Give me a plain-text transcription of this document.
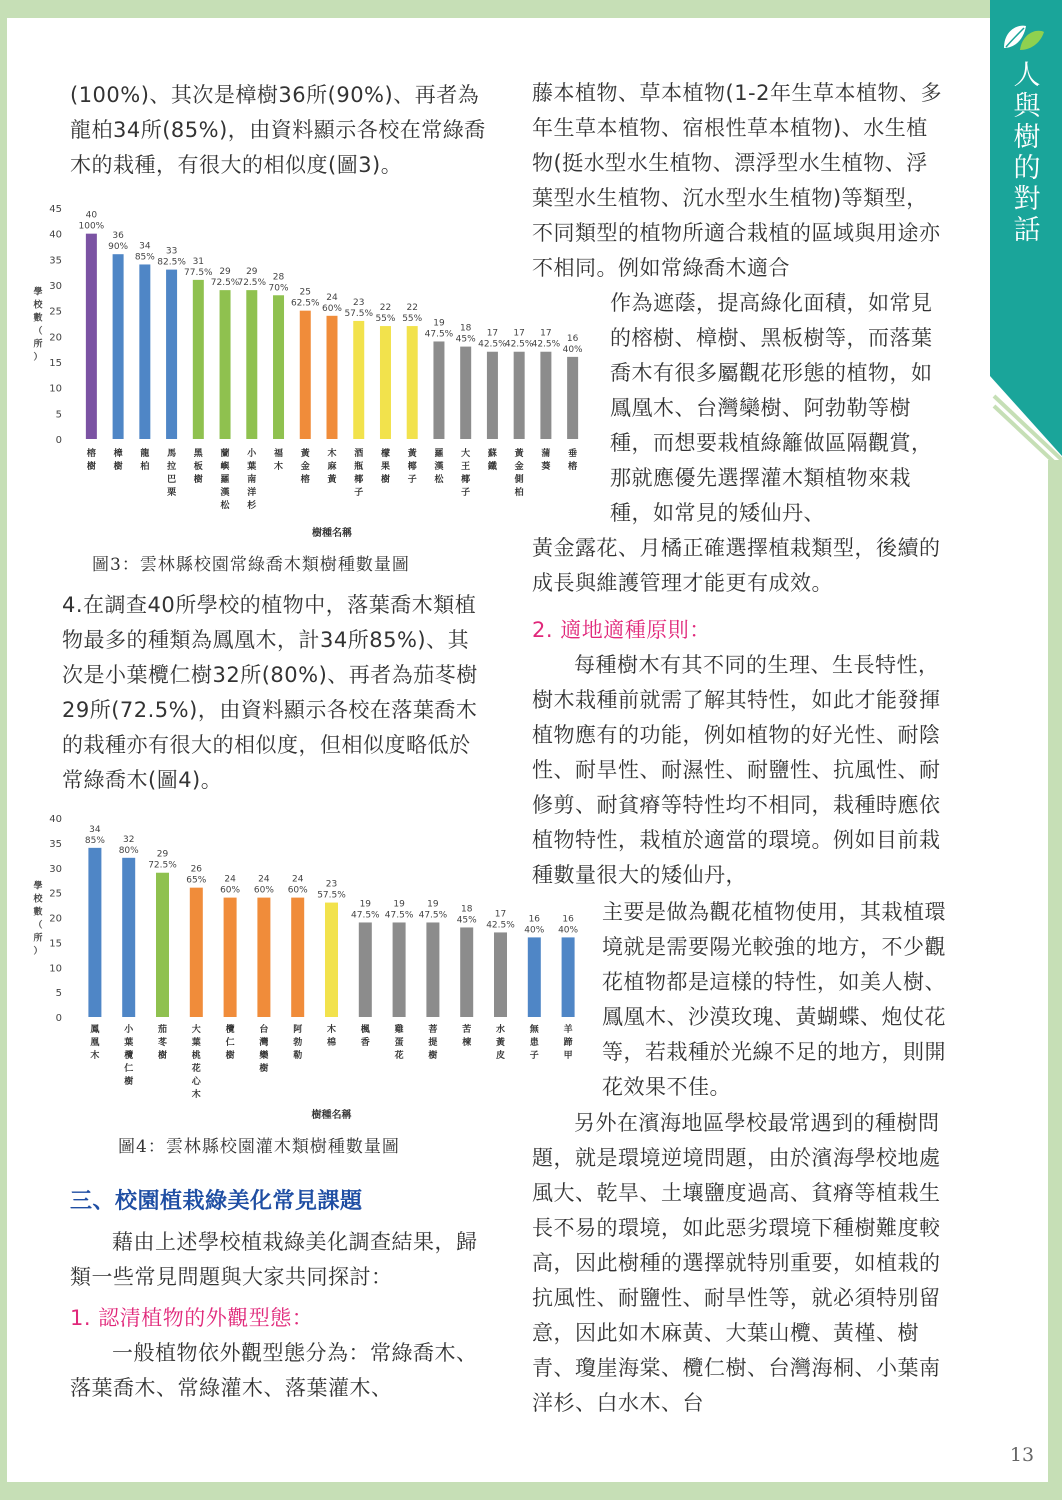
人與樹的對話

(100%)、其次是樟樹36所(90%)、再者為龍柏34所(85%)，由資料顯示各校在常綠喬木的栽種，有很大的相似度(圖3)。

0
5
10
15
20
25
30
35
40
45
學
校
數
（
所
）
40
100%
榕
樹
36
90%
樟
樹
34
85%
龍
柏
33
82.5%
馬
拉
巴
栗
31
77.5%
黑
板
樹
29
72.5%
蘭
嶼
羅
漢
松
29
72.5%
小
葉
南
洋
杉
28
70%
福
木
25
62.5%
黃
金
榕
24
60%
木
麻
黃
23
57.5%
酒
瓶
椰
子
22
55%
檬
果
樹
22
55%
黃
椰
子
19
47.5%
羅
漢
松
18
45%
大
王
椰
子
17
42.5%
蘇
鐵
17
42.5%
黃
金
側
柏
17
42.5%
蒲
葵
16
40%
垂
榕
樹種名稱
圖3：雲林縣校園常綠喬木類樹種數量圖

4.在調查40所學校的植物中，落葉喬木類植物最多的種類為鳳凰木，計34所85%)、其次是小葉欖仁樹32所(80%)、再者為茄苳樹29所(72.5%)，由資料顯示各校在落葉喬木的栽種亦有很大的相似度，但相似度略低於常綠喬木(圖4)。

0
5
10
15
20
25
30
35
40
學
校
數
（
所
）
34
85%
鳳
凰
木
32
80%
小
葉
欖
仁
樹
29
72.5%
茄
苳
樹
26
65%
大
葉
桃
花
心
木
24
60%
欖
仁
樹
24
60%
台
灣
欒
樹
24
60%
阿
勃
勒
23
57.5%
木
棉
19
47.5%
楓
香
19
47.5%
雞
蛋
花
19
47.5%
菩
提
樹
18
45%
苦
楝
17
42.5%
水
黃
皮
16
40%
無
患
子
16
40%
羊
蹄
甲
樹種名稱
圖4：雲林縣校園灌木類樹種數量圖

三、校園植栽綠美化常見課題

藉由上述學校植栽綠美化調查結果，歸類一些常見問題與大家共同探討：

1. 認清植物的外觀型態：

一般植物依外觀型態分為：常綠喬木、落葉喬木、常綠灌木、落葉灌木、

藤本植物、草本植物(1-2年生草本植物、多年生草本植物、宿根性草本植物)、水生植物(挺水型水生植物、漂浮型水生植物、浮葉型水生植物、沉水型水生植物)等類型，不同類型的植物所適合栽植的區域與用途亦不相同。例如常綠喬木適合

作為遮蔭，提高綠化面積，如常見的榕樹、樟樹、黑板樹等，而落葉喬木有很多屬觀花形態的植物，如鳳凰木、台灣欒樹、阿勃勒等樹種，而想要栽植綠籬做區隔觀賞，那就應優先選擇灌木類植物來栽種，如常見的矮仙丹、

黃金露花、月橘正確選擇植栽類型，後續的成長與維護管理才能更有成效。

2. 適地適種原則：

每種樹木有其不同的生理、生長特性，樹木栽種前就需了解其特性，如此才能發揮植物應有的功能，例如植物的好光性、耐陰性、耐旱性、耐濕性、耐鹽性、抗風性、耐修剪、耐貧瘠等特性均不相同，栽種時應依植物特性，栽植於適當的環境。例如目前栽種數量很大的矮仙丹，

主要是做為觀花植物使用，其栽植環境就是需要陽光較強的地方，不少觀花植物都是這樣的特性，如美人樹、鳳凰木、沙漠玫瑰、黃蝴蝶、炮仗花等，若栽種於光線不足的地方，則開花效果不佳。

另外在濱海地區學校最常遇到的種樹問題，就是環境逆境問題，由於濱海學校地處風大、乾旱、土壤鹽度過高、貧瘠等植栽生長不易的環境，如此惡劣環境下種樹難度較高，因此樹種的選擇就特別重要，如植栽的抗風性、耐鹽性、耐旱性等，就必須特別留意，因此如木麻黃、大葉山欖、黃槿、樹青、瓊崖海棠、欖仁樹、台灣海桐、小葉南洋杉、白水木、台

13
